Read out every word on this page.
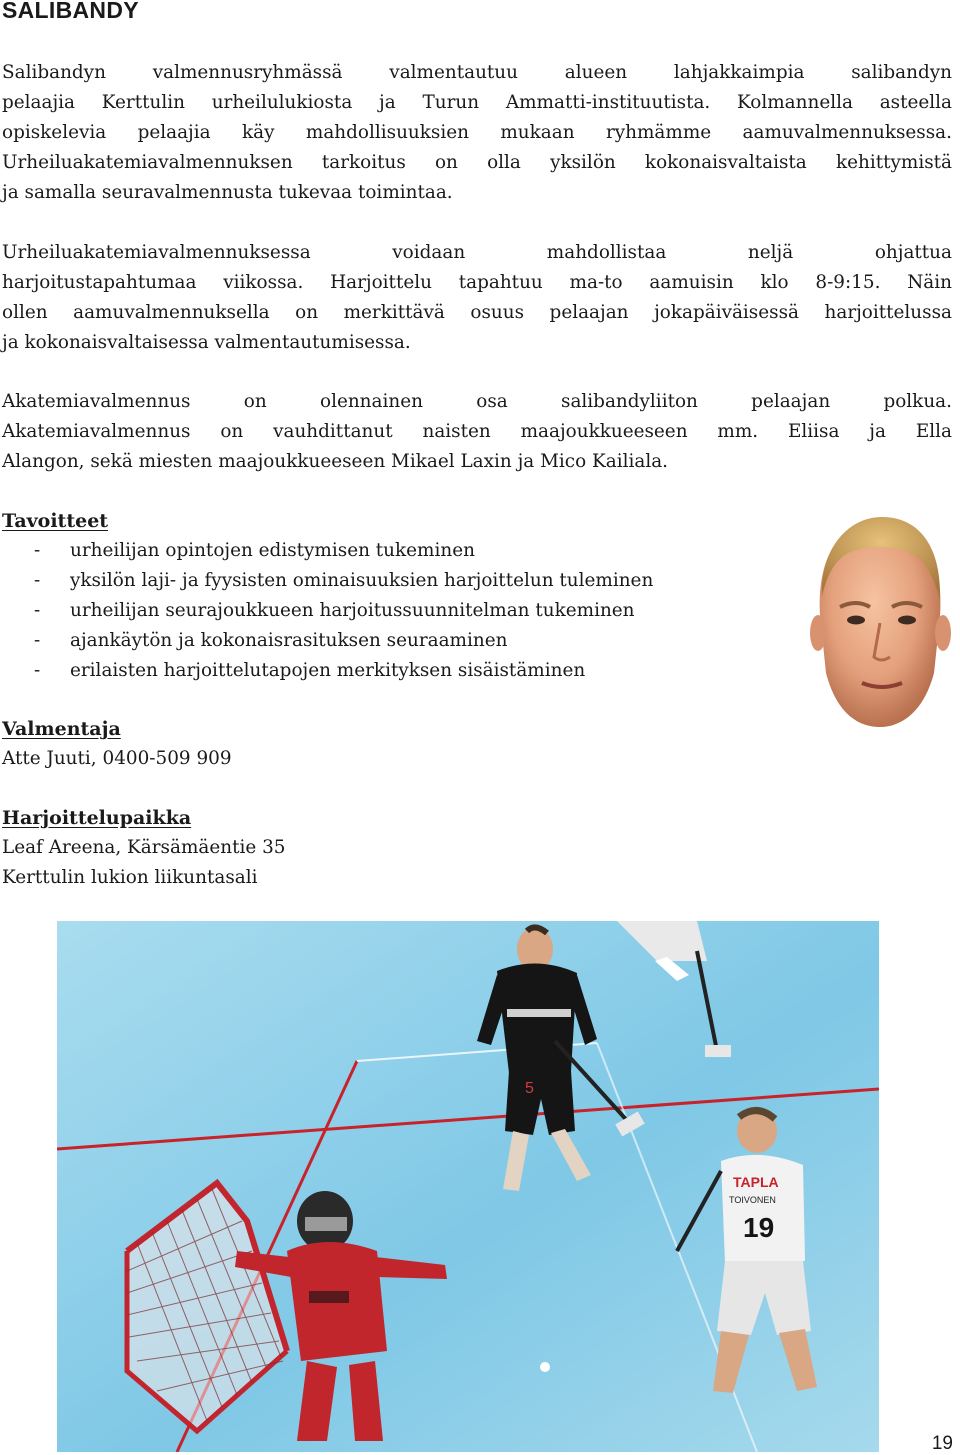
SALIBANDY

Salibandyn valmennusryhmässä valmentautuu alueen lahjakkaimpia salibandyn
pelaajia Kerttulin urheilulukiosta ja Turun Ammatti-instituutista. Kolmannella asteella
opiskelevia pelaajia käy mahdollisuuksien mukaan ryhmämme aamuvalmennuksessa.
Urheiluakatemiavalmennuksen tarkoitus on olla yksilön kokonaisvaltaista kehittymistä
ja samalla seuravalmennusta tukevaa toimintaa.

Urheiluakatemiavalmennuksessa voidaan mahdollistaa neljä ohjattua
harjoitustapahtumaa viikossa. Harjoittelu tapahtuu ma-to aamuisin klo 8-9:15. Näin
ollen aamuvalmennuksella on merkittävä osuus pelaajan jokapäiväisessä harjoittelussa
ja kokonaisvaltaisessa valmentautumisessa.

Akatemiavalmennus on olennainen osa salibandyliiton pelaajan polkua.
Akatemiavalmennus on vauhdittanut naisten maajoukkueeseen mm. Eliisa ja Ella
Alangon, sekä miesten maajoukkueeseen Mikael Laxin ja Mico Kailiala.

Tavoitteet
- urheilijan opintojen edistymisen tukeminen
- yksilön laji- ja fyysisten ominaisuuksien harjoittelun tuleminen
- urheilijan seurajoukkueen harjoitussuunnitelman tukeminen
- ajankäytön ja kokonaisrasituksen seuraaminen
- erilaisten harjoittelutapojen merkityksen sisäistäminen
Valmentaja

Atte Juuti, 0400-509 909

Harjoittelupaikka

Leaf Areena, Kärsämäentie 35
Kerttulin lukion liikuntasali

5
ESPOO
TAPLA
TOIVONEN
19
19
